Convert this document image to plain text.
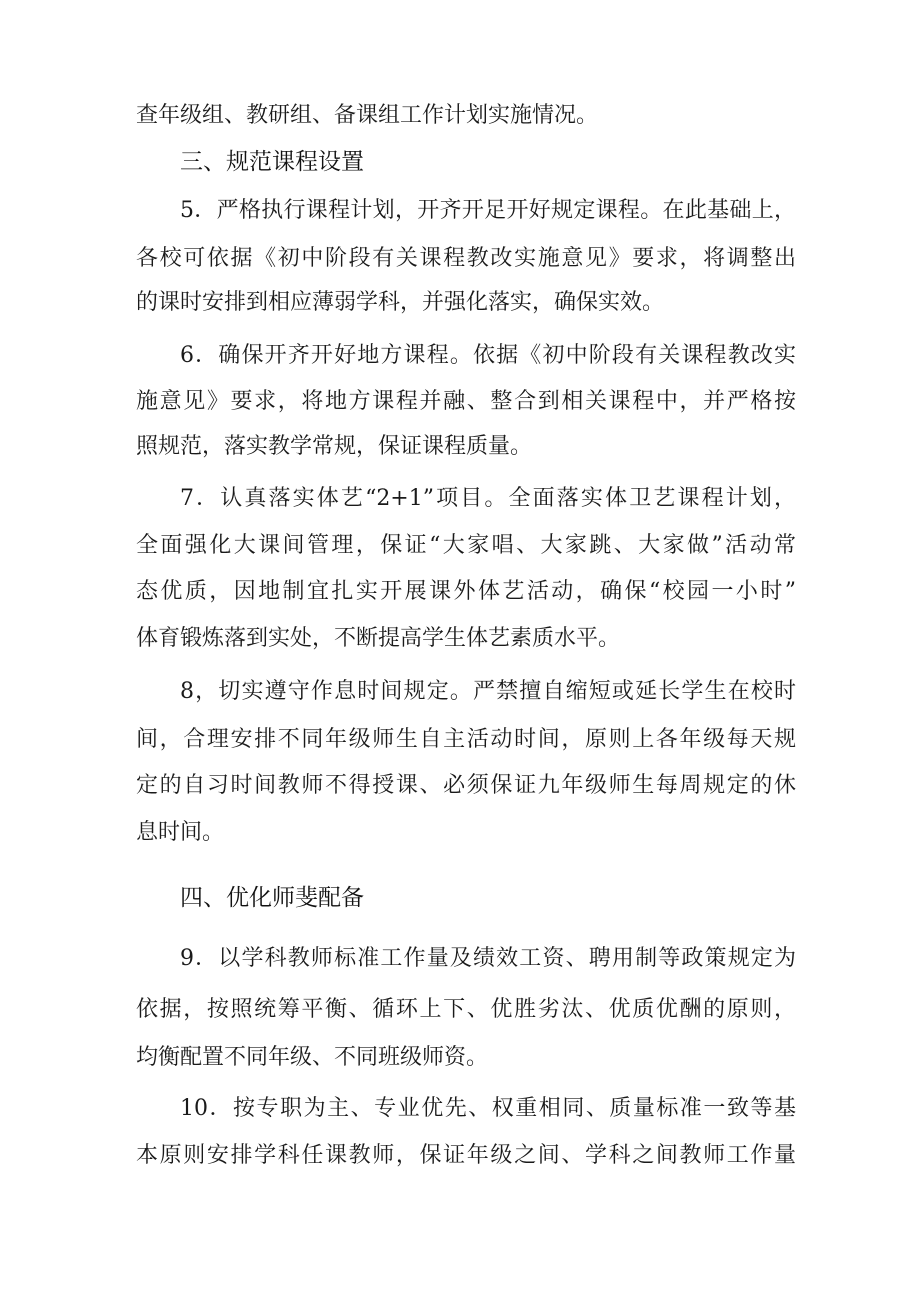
查年级组、教研组、备课组工作计划实施情况。
三、规范课程设置
5．严格执行课程计划，开齐开足开好规定课程。在此基础上，
各校可依据《初中阶段有关课程教改实施意见》要求，将调整出
的课时安排到相应薄弱学科，并强化落实，确保实效。
6．确保开齐开好地方课程。依据《初中阶段有关课程教改实
施意见》要求，将地方课程并融、整合到相关课程中，并严格按
照规范，落实教学常规，保证课程质量。
7．认真落实体艺“2+1”项目。全面落实体卫艺课程计划，
全面强化大课间管理，保证“大家唱、大家跳、大家做”活动常
态优质，因地制宜扎实开展课外体艺活动，确保“校园一小时”
体育锻炼落到实处，不断提高学生体艺素质水平。
8，切实遵守作息时间规定。严禁擅自缩短或延长学生在校时
间，合理安排不同年级师生自主活动时间，原则上各年级每天规
定的自习时间教师不得授课、必须保证九年级师生每周规定的休
息时间。
四、优化师斐配备
9．以学科教师标准工作量及绩效工资、聘用制等政策规定为
依据，按照统筹平衡、循环上下、优胜劣汰、优质优酬的原则，
均衡配置不同年级、不同班级师资。
10．按专职为主、专业优先、权重相同、质量标准一致等基
本原则安排学科任课教师，保证年级之间、学科之间教师工作量
